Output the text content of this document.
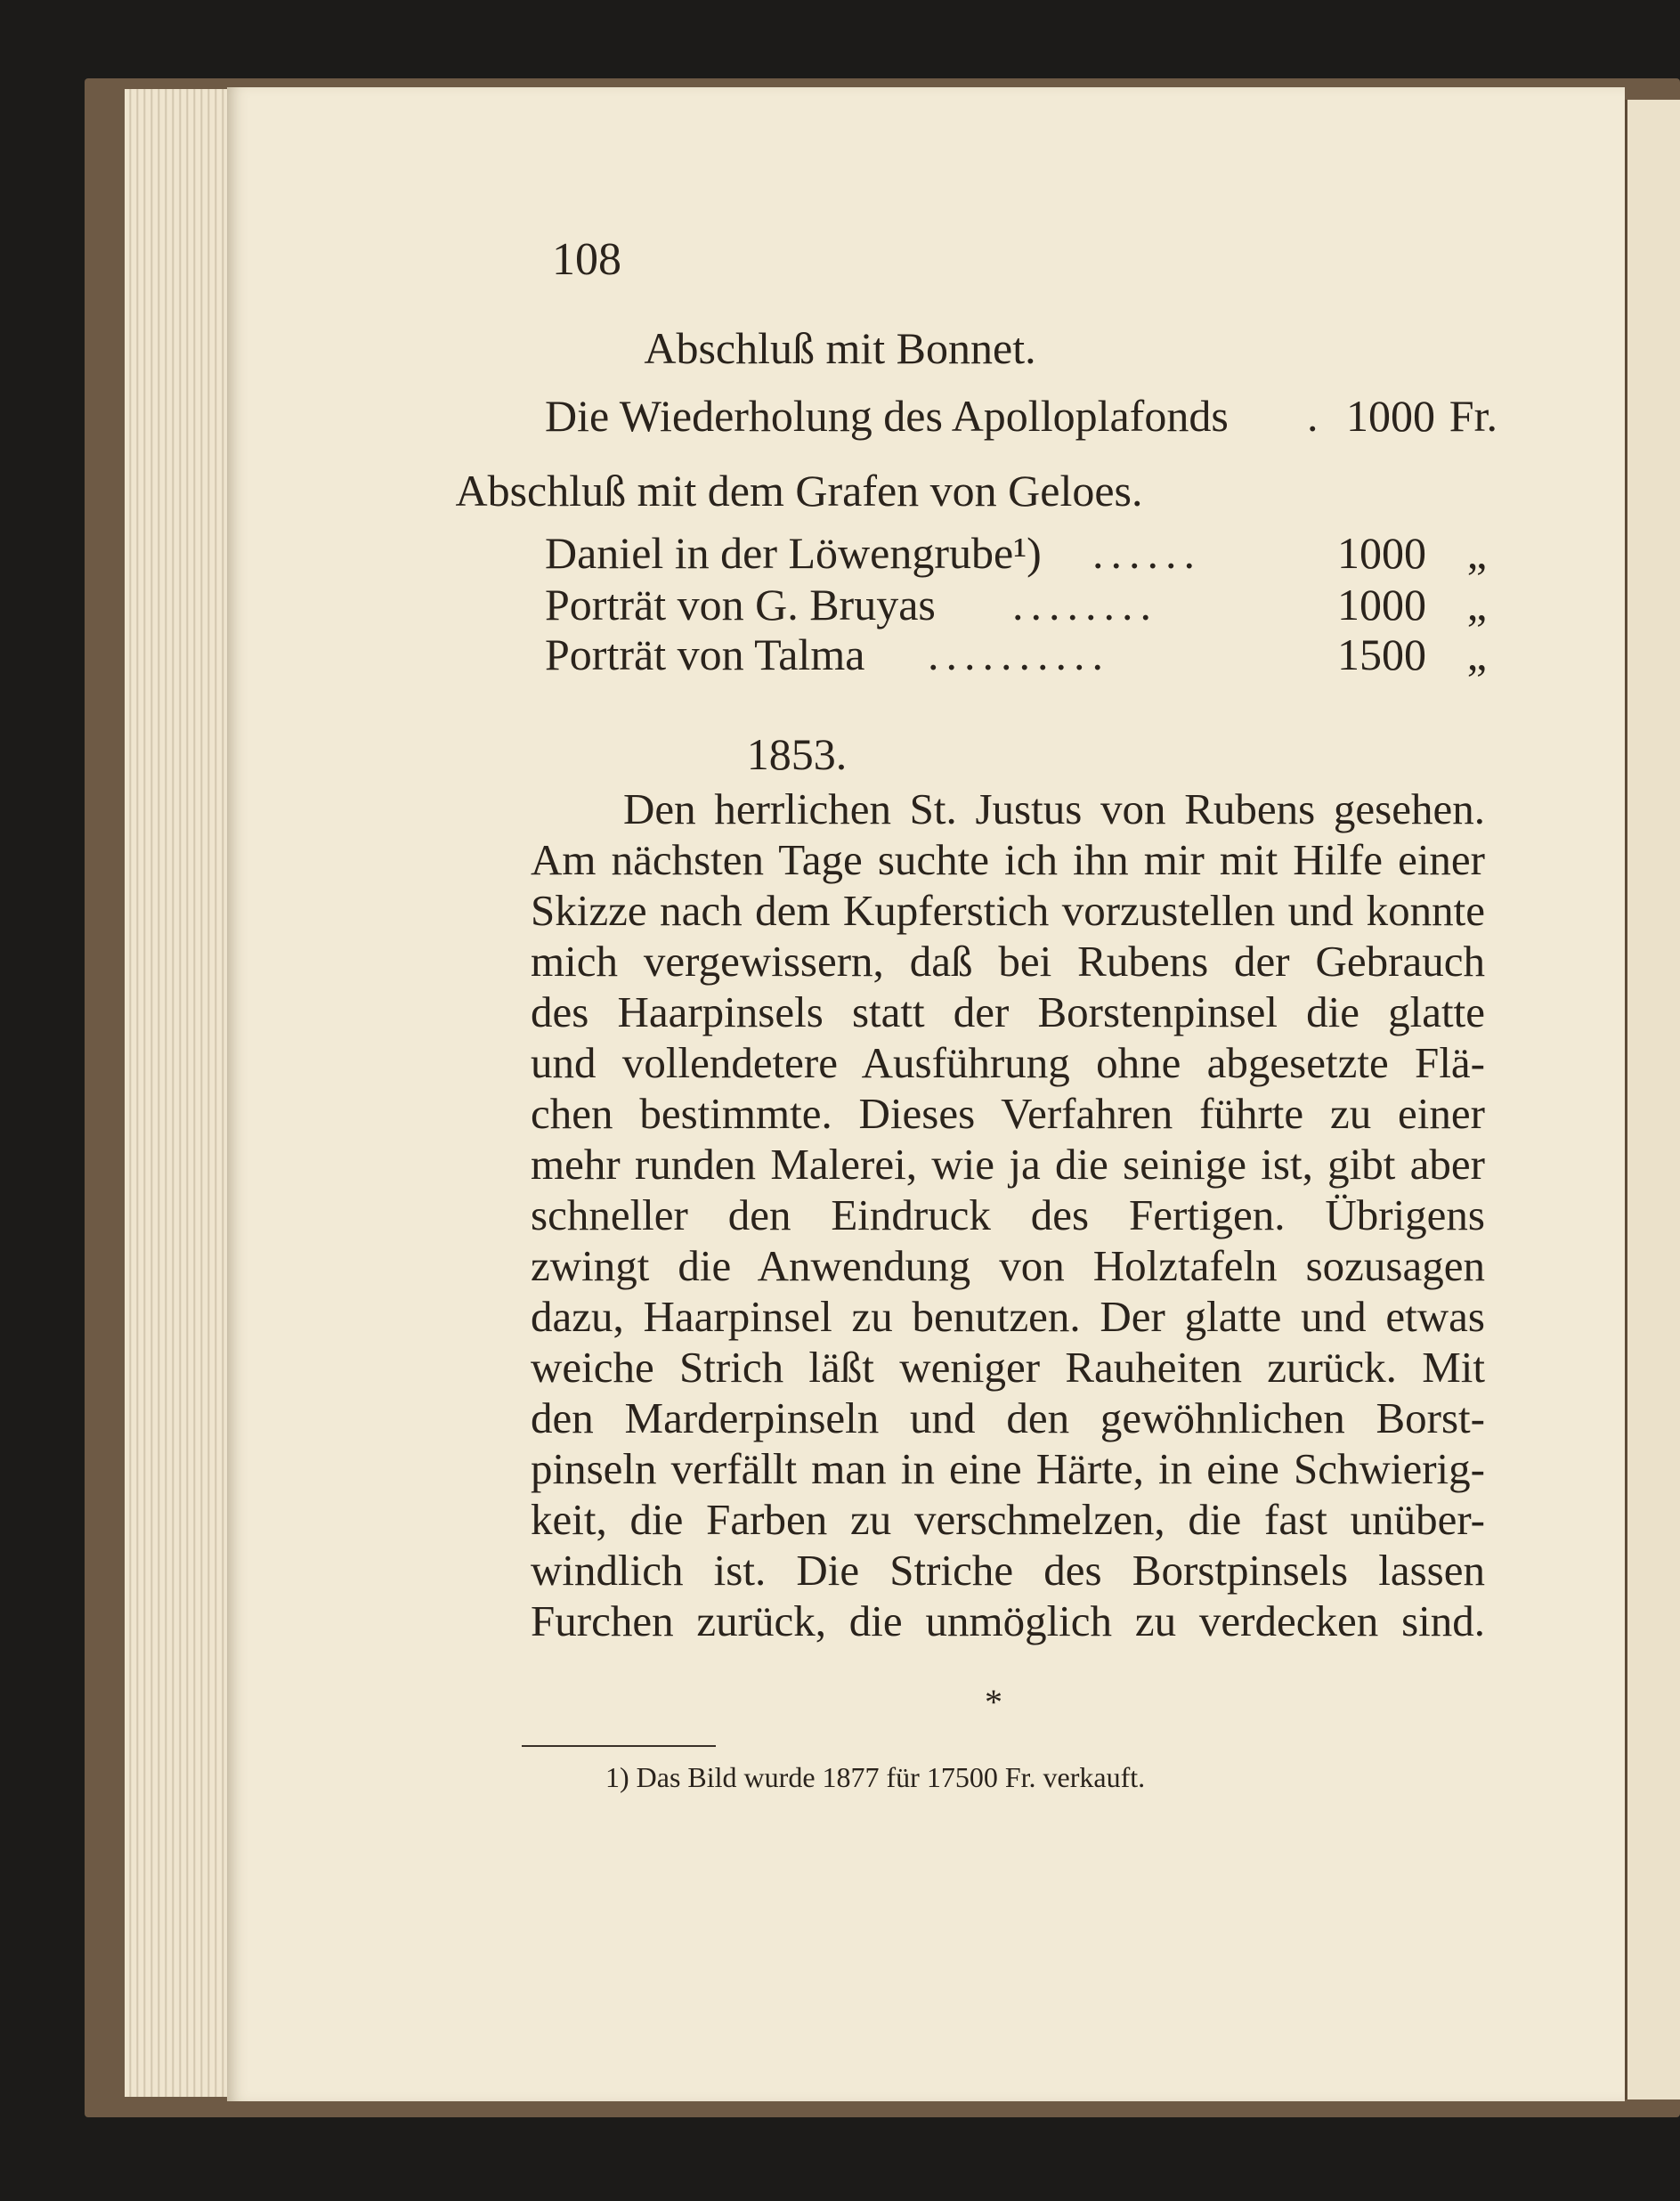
108
Abschluß mit Bonnet.
Die Wiederholung des Apolloplafonds . 1000 Fr.
Abschluß mit dem Grafen von Geloes.
Daniel in der Löwengrube¹) ......	1000 „
Porträt von G. Bruyas ........	1000 „
Porträt von Talma ..........	1500 „
1853.
Den herrlichen St. Justus von Rubens gesehen.
Am nächsten Tage suchte ich ihn mir mit Hilfe einer
Skizze nach dem Kupferstich vorzustellen und konnte
mich vergewissern, daß bei Rubens der Gebrauch
des Haarpinsels statt der Borstenpinsel die glatte
und vollendetere Ausführung ohne abgesetzte Flä-
chen bestimmte. Dieses Verfahren führte zu einer
mehr runden Malerei, wie ja die seinige ist, gibt aber
schneller den Eindruck des Fertigen. Übrigens
zwingt die Anwendung von Holztafeln sozusagen
dazu, Haarpinsel zu benutzen. Der glatte und etwas
weiche Strich läßt weniger Rauheiten zurück. Mit
den Marderpinseln und den gewöhnlichen Borst-
pinseln verfällt man in eine Härte, in eine Schwierig-
keit, die Farben zu verschmelzen, die fast unüber-
windlich ist. Die Striche des Borstpinsels lassen
Furchen zurück, die unmöglich zu verdecken sind.
*
1) Das Bild wurde 1877 für 17500 Fr. verkauft.
